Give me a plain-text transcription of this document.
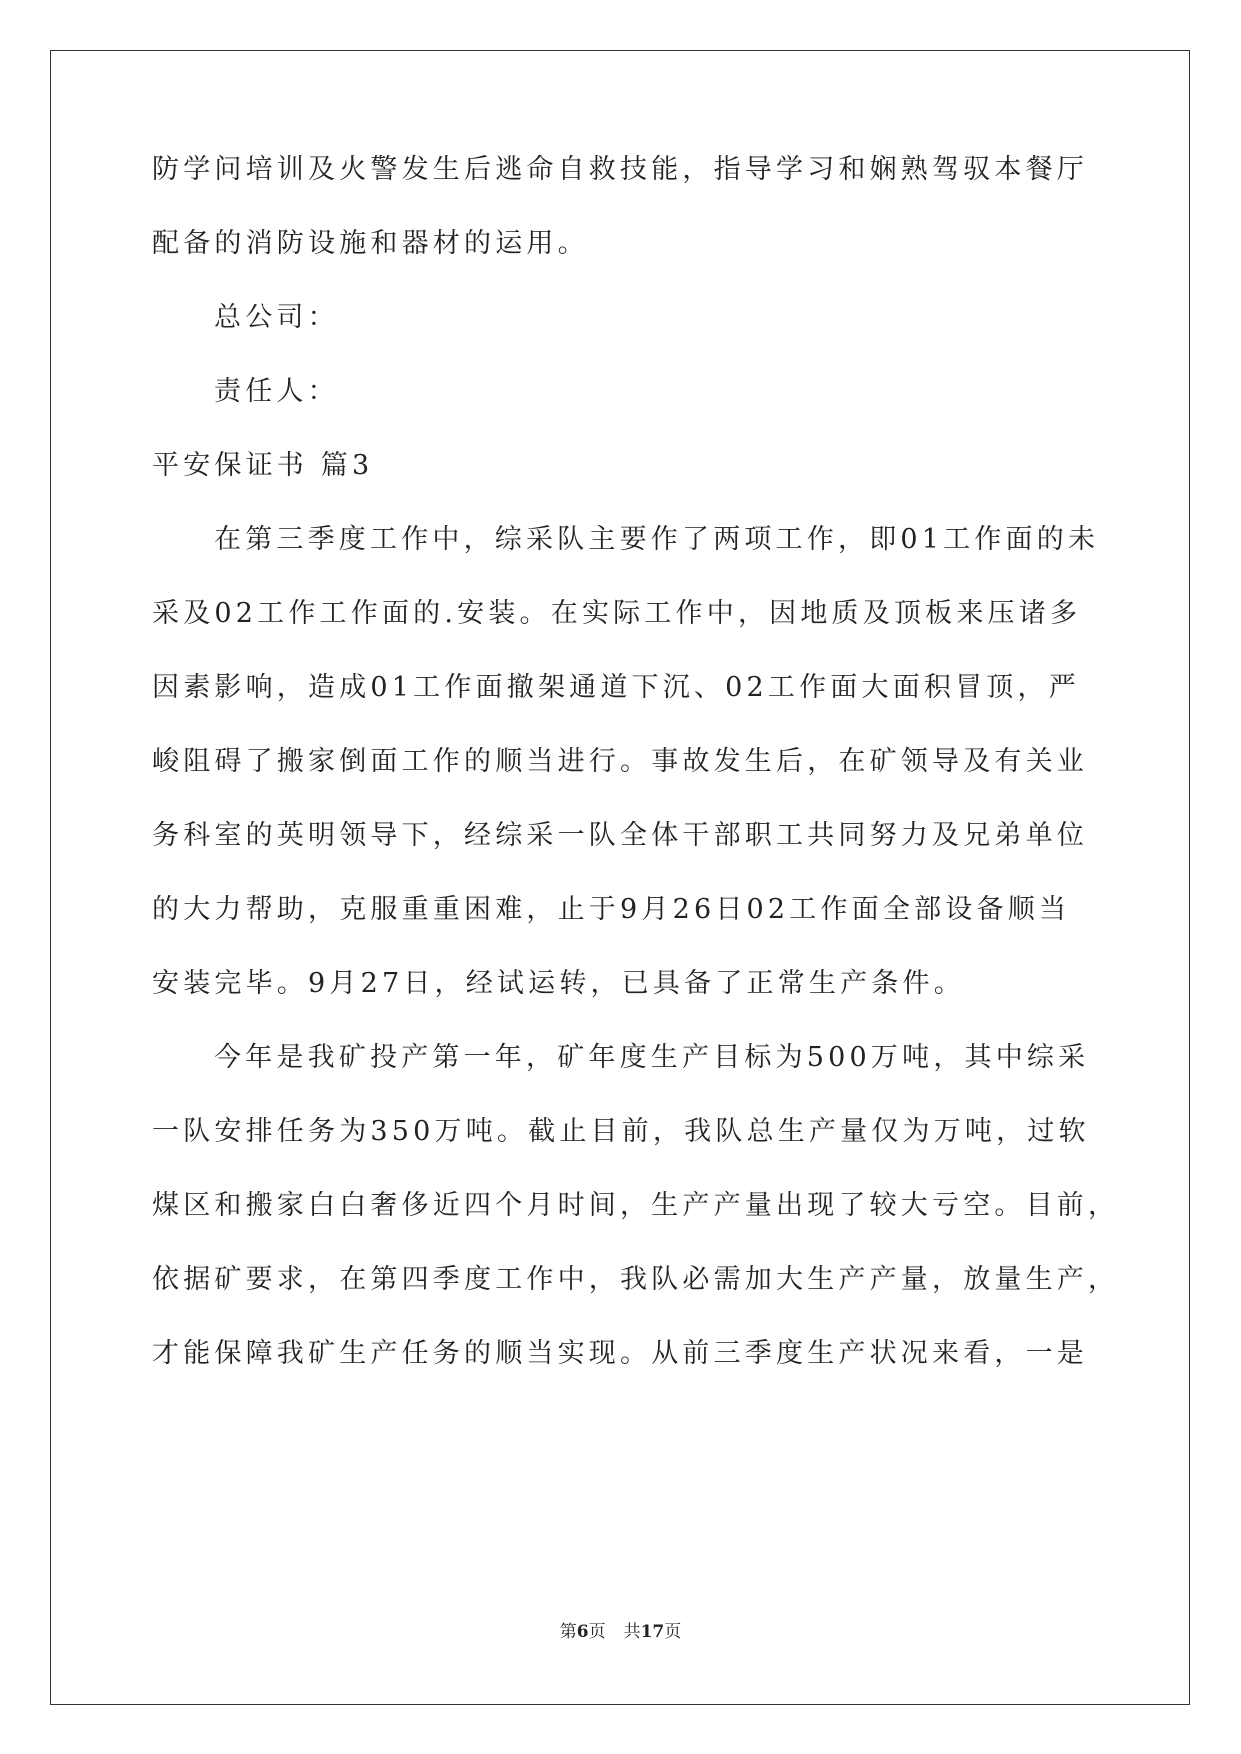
防学问培训及火警发生后逃命自救技能，指导学习和娴熟驾驭本餐厅
配备的消防设施和器材的运用。
总公司：
责任人：
平安保证书 篇3
在第三季度工作中，综采队主要作了两项工作，即01工作面的未
采及02工作工作面的.安装。在实际工作中，因地质及顶板来压诸多
因素影响，造成01工作面撤架通道下沉、02工作面大面积冒顶，严
峻阻碍了搬家倒面工作的顺当进行。事故发生后，在矿领导及有关业
务科室的英明领导下，经综采一队全体干部职工共同努力及兄弟单位
的大力帮助，克服重重困难，止于9月26日02工作面全部设备顺当
安装完毕。9月27日，经试运转，已具备了正常生产条件。
今年是我矿投产第一年，矿年度生产目标为500万吨，其中综采
一队安排任务为350万吨。截止目前，我队总生产量仅为万吨，过软
煤区和搬家白白奢侈近四个月时间，生产产量出现了较大亏空。目前，
依据矿要求，在第四季度工作中，我队必需加大生产产量，放量生产，
才能保障我矿生产任务的顺当实现。从前三季度生产状况来看，一是
第6页 共17页
